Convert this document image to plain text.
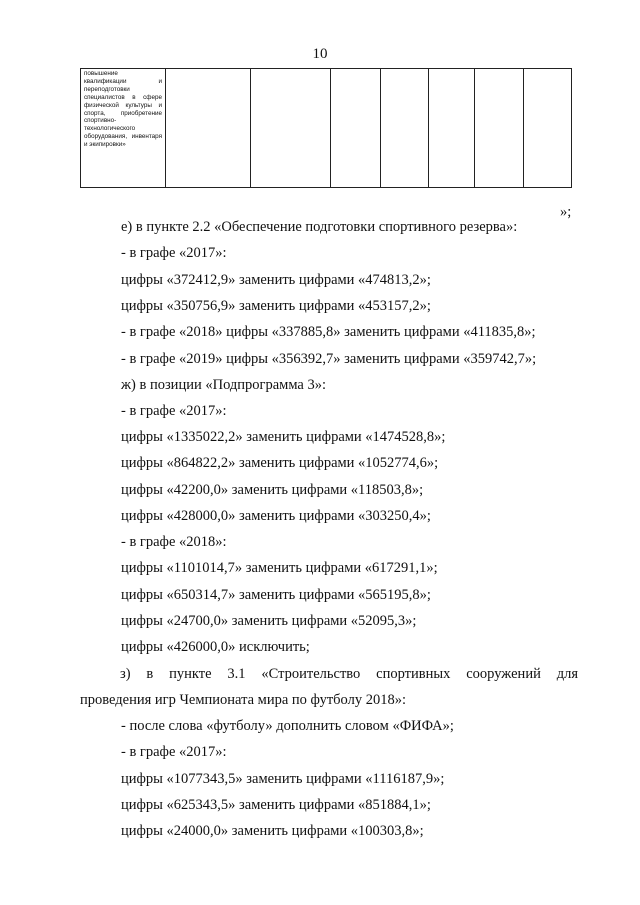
10
повышение квалификации и переподготовки специалистов в сфере физической культуры и спорта, приобретение спортивно-технологического оборудования, инвентаря и экипировки»

»;
е) в пункте 2.2 «Обеспечение подготовки спортивного резерва»:
- в графе «2017»:
цифры «372412,9» заменить цифрами «474813,2»;
цифры «350756,9» заменить цифрами «453157,2»;
- в графе «2018» цифры «337885,8» заменить цифрами «411835,8»;
- в графе «2019» цифры «356392,7» заменить цифрами «359742,7»;
ж) в позиции «Подпрограмма 3»:
- в графе «2017»:
цифры «1335022,2» заменить цифрами «1474528,8»;
цифры «864822,2» заменить цифрами «1052774,6»;
цифры «42200,0» заменить цифрами «118503,8»;
цифры «428000,0» заменить цифрами «303250,4»;
- в графе «2018»:
цифры «1101014,7» заменить цифрами «617291,1»;
цифры «650314,7» заменить цифрами «565195,8»;
цифры «24700,0» заменить цифрами «52095,3»;
цифры «426000,0» исключить;
з) в пункте 3.1 «Строительство спортивных сооружений для
проведения игр Чемпионата мира по футболу 2018»:
- после слова «футболу» дополнить словом «ФИФА»;
- в графе «2017»:
цифры «1077343,5» заменить цифрами «1116187,9»;
цифры «625343,5» заменить цифрами «851884,1»;
цифры «24000,0» заменить цифрами «100303,8»;
